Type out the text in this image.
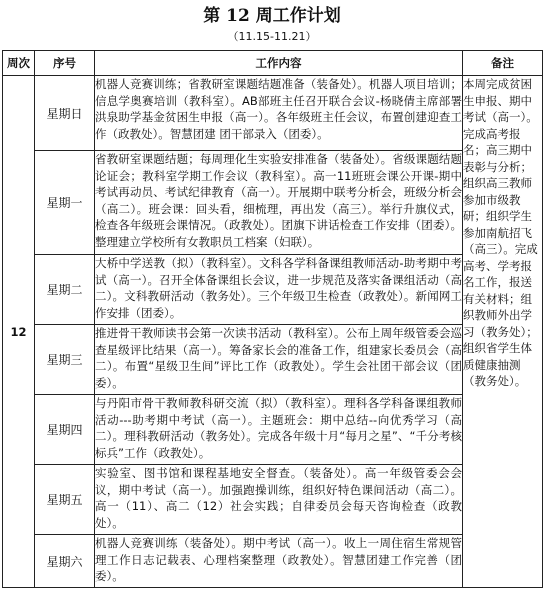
第 12 周工作计划
（11.15-11.21）
周次	序号	工作内容	备注
12	星期日	机器人竞赛训练；省教研室课题结题准备（装备处）。机器人项目培训；信息学奥赛培训（教科室）。AB部班主任召开联合会议-杨晓倩主席部署洪泉助学基金贫困生申报（高一）。各年级班主任会议，布置创建迎查工作（政教处）。智慧团建 团干部录入（团委）。	本周完成贫困生申报、期中考试（高一）。完成高考报名；高三期中表彰与分析；组织高三教师参加市级教研；组织学生参加南航招飞（高三）。完成高考、学考报名工作，报送有关材料；组织教师外出学习（教务处）；组织省学生体质健康抽测（教务处）。
	星期一	省教研室课题结题；每周理化生实验安排准备（装备处）。省级课题结题论证会；教科室学期工作会议（教科室）。高一11班班会课公开课-期中考试再动员、考试纪律教育（高一）。开展期中联考分析会，班级分析会（高二）。班会课：回头看，细梳理，再出发（高三）。举行升旗仪式，检查各年级班会课情况。（政教处）。团旗下讲话检查工作安排（团委）。整理建立学校所有女教职员工档案（妇联）。	
	星期二	大桥中学送教（拟）（教科室）。文科各学科备课组教师活动-助考期中考试（高一）。召开全体备课组长会议，进一步规范及落实备课组活动（高二）。文科教研活动（教务处）。三个年级卫生检查（政教处）。新闻网工作安排（团委）。	
	星期三	推进骨干教师读书会第一次读书活动（教科室）。公布上周年级管委会巡查星级评比结果（高一）。筹备家长会的准备工作，组建家长委员会（高二）。布置“星级卫生间”评比工作（政教处）。学生会社团干部会议（团委）。	
	星期四	与丹阳市骨干教师教科研交流（拟）（教科室）。理科各学科备课组教师活动---助考期中考试（高一）。主题班会：期中总结--向优秀学习（高二）。理科教研活动（教务处）。完成各年级十月“每月之星”、“千分考核标兵”工作（政教处）。	
	星期五	实验室、图书馆和课程基地安全督查。（装备处）。高一年级管委会会议，期中考试（高一）。加强跑操训练，组织好特色课间活动（高二）。高一（11）、高二（12）社会实践；自律委员会每天咨询检查（政教处）。	
	星期六	机器人竞赛训练（装备处）。期中考试（高一）。收上一周住宿生常规管理工作日志记载表、心理档案整理（政教处）。智慧团建工作完善（团委）。	
